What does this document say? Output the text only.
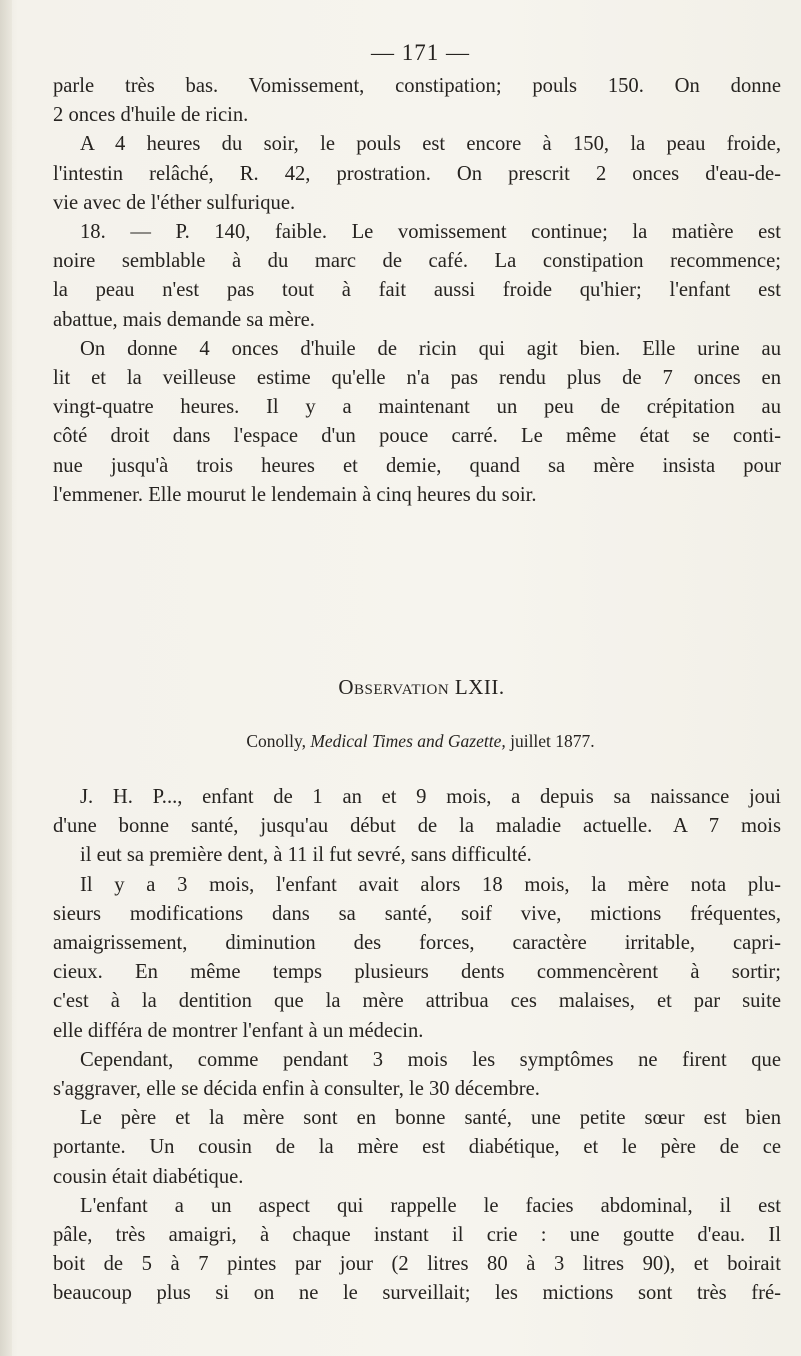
— 171 —
parle très bas. Vomissement, constipation; pouls 150. On donne
2 onces d'huile de ricin.
A 4 heures du soir, le pouls est encore à 150, la peau froide,
l'intestin relâché, R. 42, prostration. On prescrit 2 onces d'eau-de-
vie avec de l'éther sulfurique.
18. — P. 140, faible. Le vomissement continue; la matière est
noire semblable à du marc de café. La constipation recommence;
la peau n'est pas tout à fait aussi froide qu'hier; l'enfant est
abattue, mais demande sa mère.
On donne 4 onces d'huile de ricin qui agit bien. Elle urine au
lit et la veilleuse estime qu'elle n'a pas rendu plus de 7 onces en
vingt-quatre heures. Il y a maintenant un peu de crépitation au
côté droit dans l'espace d'un pouce carré. Le même état se conti-
nue jusqu'à trois heures et demie, quand sa mère insista pour
l'emmener. Elle mourut le lendemain à cinq heures du soir.
Observation LXII.
Conolly, Medical Times and Gazette, juillet 1877.
J. H. P..., enfant de 1 an et 9 mois, a depuis sa naissance joui
d'une bonne santé, jusqu'au début de la maladie actuelle. A 7 mois
il eut sa première dent, à 11 il fut sevré, sans difficulté.
Il y a 3 mois, l'enfant avait alors 18 mois, la mère nota plu-
sieurs modifications dans sa santé, soif vive, mictions fréquentes,
amaigrissement, diminution des forces, caractère irritable, capri-
cieux. En même temps plusieurs dents commencèrent à sortir;
c'est à la dentition que la mère attribua ces malaises, et par suite
elle différa de montrer l'enfant à un médecin.
Cependant, comme pendant 3 mois les symptômes ne firent que
s'aggraver, elle se décida enfin à consulter, le 30 décembre.
Le père et la mère sont en bonne santé, une petite sœur est bien
portante. Un cousin de la mère est diabétique, et le père de ce
cousin était diabétique.
L'enfant a un aspect qui rappelle le facies abdominal, il est
pâle, très amaigri, à chaque instant il crie : une goutte d'eau. Il
boit de 5 à 7 pintes par jour (2 litres 80 à 3 litres 90), et boirait
beaucoup plus si on ne le surveillait; les mictions sont très fré-
